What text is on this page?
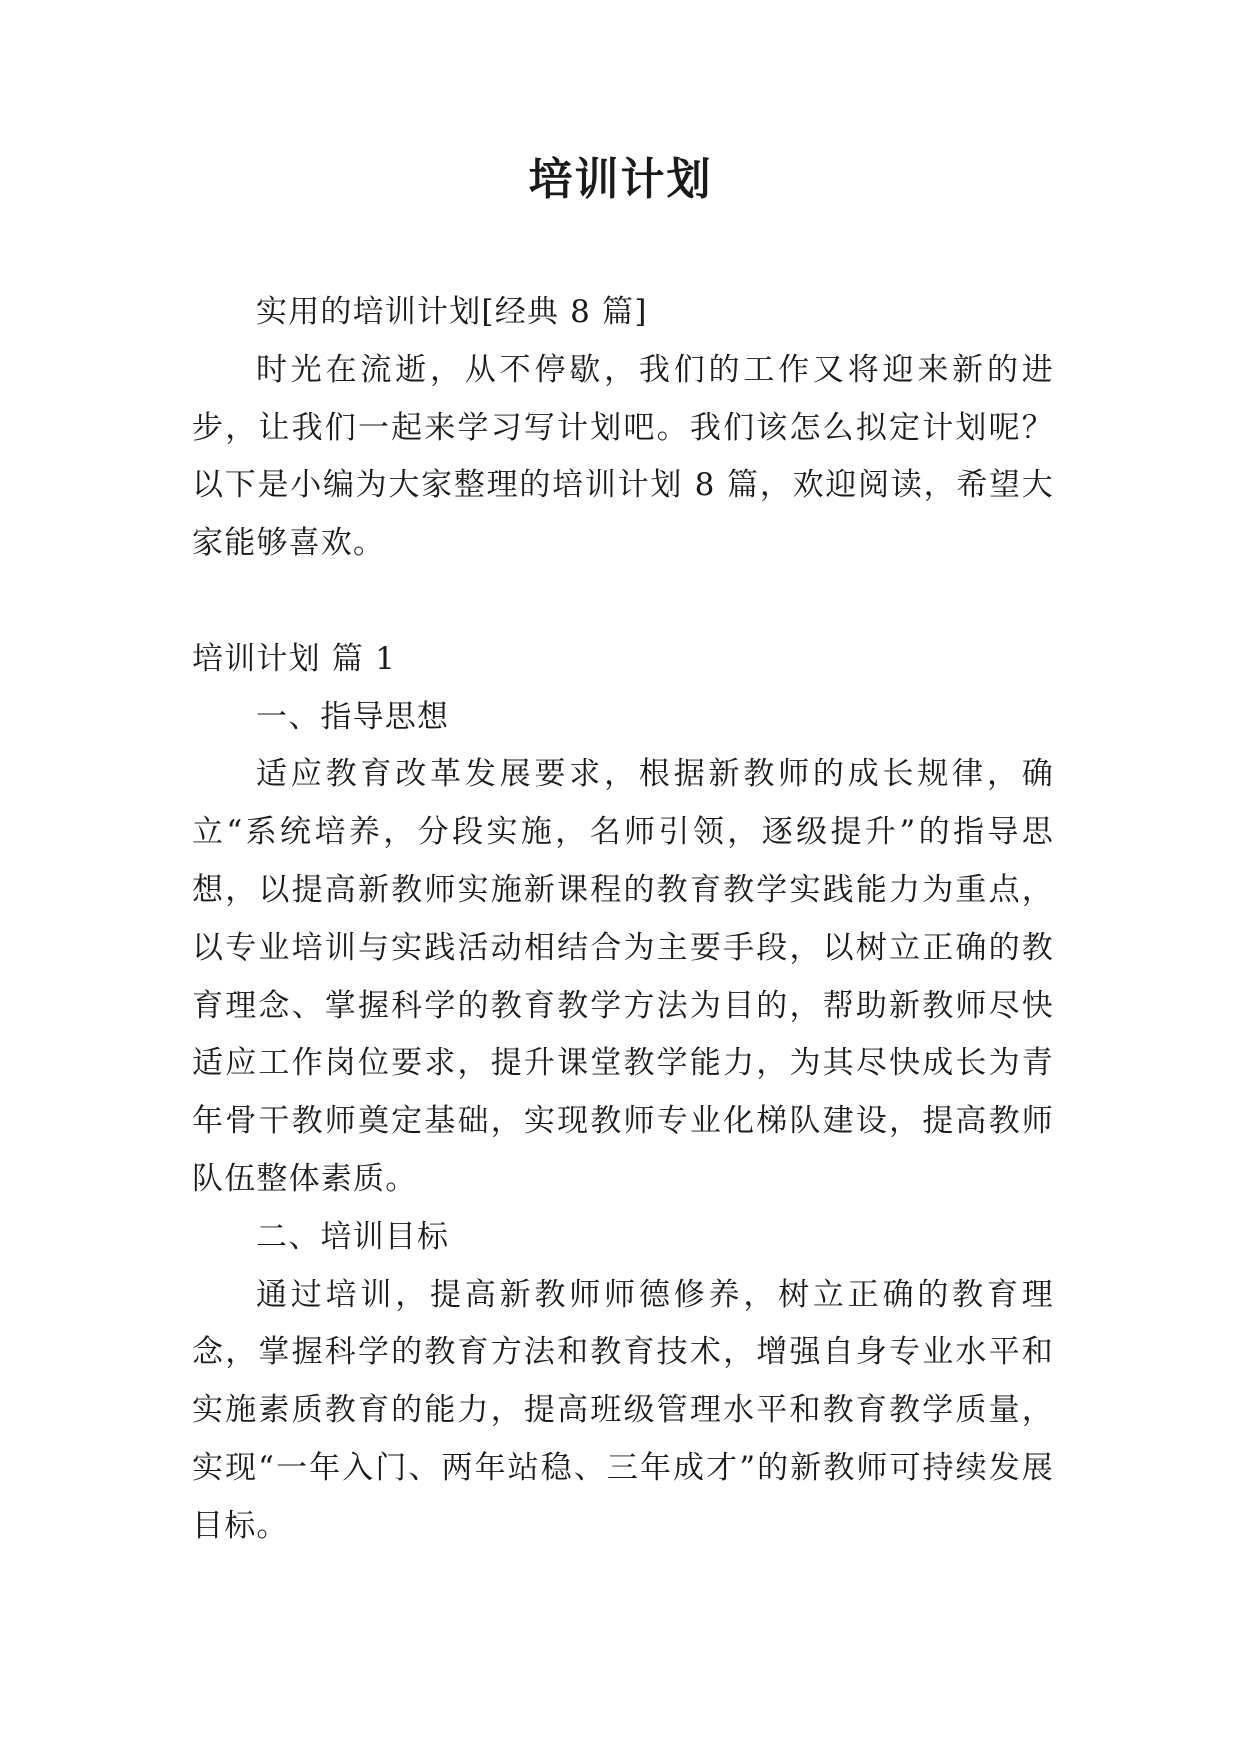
培训计划

实用的培训计划[经典 8 篇]

时光在流逝，从不停歇，我们的工作又将迎来新的进步，让我们一起来学习写计划吧。我们该怎么拟定计划呢？以下是小编为大家整理的培训计划 8 篇，欢迎阅读，希望大家能够喜欢。

培训计划 篇 1

一、指导思想

适应教育改革发展要求，根据新教师的成长规律，确立“系统培养，分段实施，名师引领，逐级提升”的指导思想，以提高新教师实施新课程的教育教学实践能力为重点，以专业培训与实践活动相结合为主要手段，以树立正确的教育理念、掌握科学的教育教学方法为目的，帮助新教师尽快适应工作岗位要求，提升课堂教学能力，为其尽快成长为青年骨干教师奠定基础，实现教师专业化梯队建设，提高教师队伍整体素质。

二、培训目标

通过培训，提高新教师师德修养，树立正确的教育理念，掌握科学的教育方法和教育技术，增强自身专业水平和实施素质教育的能力，提高班级管理水平和教育教学质量，实现“一年入门、两年站稳、三年成才”的新教师可持续发展目标。
